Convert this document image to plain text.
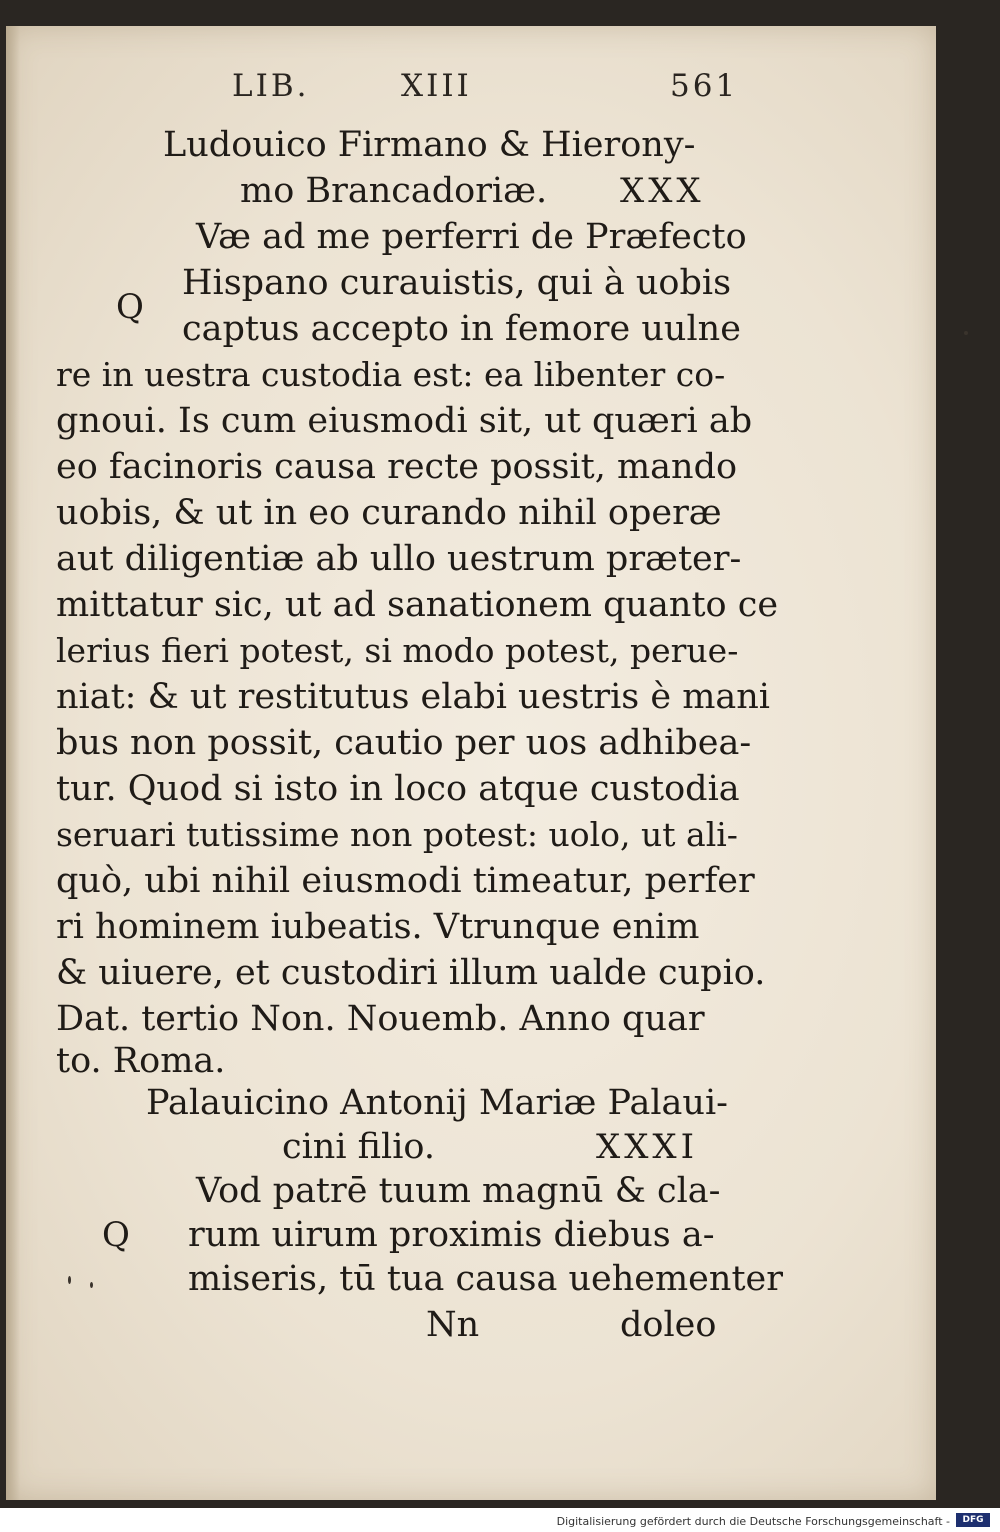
LIB.	XIII	561
Ludouico Firmano & Hierony-
mo Brancadoriæ. XXX
Q
Væ ad me perferri de Præfecto
Hispano curauistis, qui à uobis
captus accepto in femore uulne
re in uestra custodia est: ea libenter co-
gnoui. Is cum eiusmodi sit, ut quæri ab
eo facinoris causa recte possit, mando
uobis, & ut in eo curando nihil operæ
aut diligentiæ ab ullo uestrum præter-
mittatur sic, ut ad sanationem quanto ce
lerius fieri potest, si modo potest, perue-
niat: & ut restitutus elabi uestris è mani
bus non possit, cautio per uos adhibea-
tur. Quod si isto in loco atque custodia
seruari tutissime non potest: uolo, ut ali-
quò, ubi nihil eiusmodi timeatur, perfer
ri hominem iubeatis. Vtrunque enim
& uiuere, et custodiri illum ualde cupio.
Dat. tertio Non. Nouemb. Anno quar
to. Roma.
Palauicino Antonij Mariæ Palaui-
cini filio.	XXXI
Q
Vod patrē tuum magnū & cla-
rum uirum proximis diebus a-
miseris, tū tua causa uehementer
Nn	doleo
Digitalisierung gefördert durch die Deutsche Forschungsgemeinschaft -	DFG
